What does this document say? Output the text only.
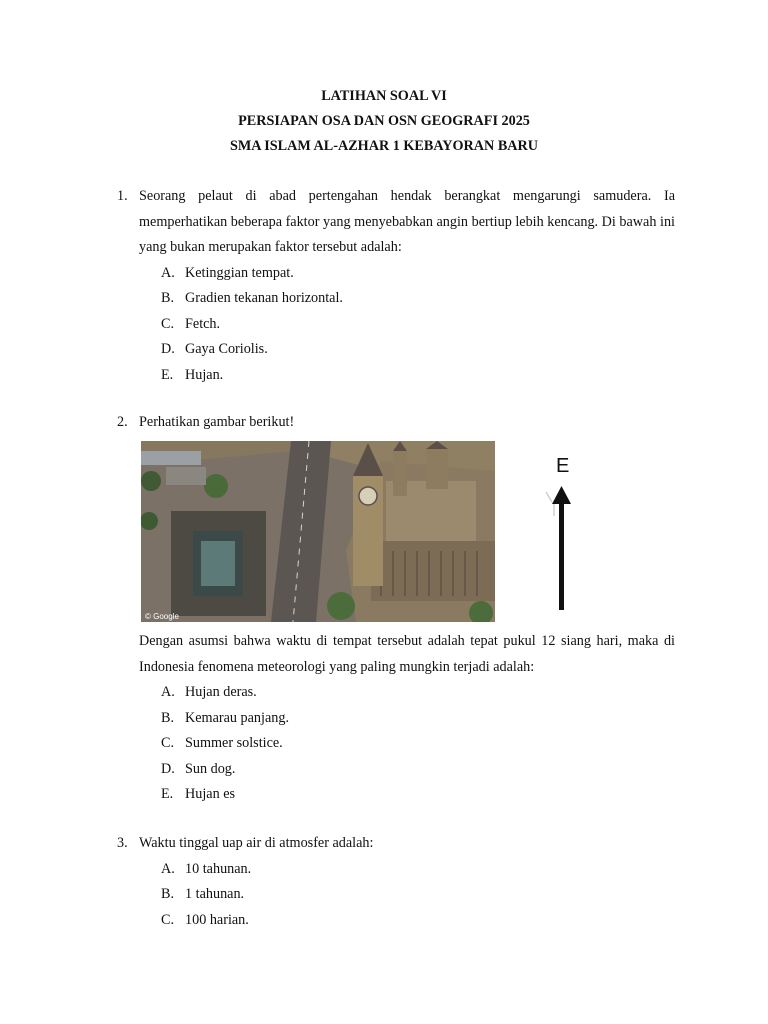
LATIHAN SOAL VI
PERSIAPAN OSA DAN OSN GEOGRAFI 2025
SMA ISLAM AL-AZHAR 1 KEBAYORAN BARU
1. Seorang pelaut di abad pertengahan hendak berangkat mengarungi samudera. Ia memperhatikan beberapa faktor yang menyebabkan angin bertiup lebih kencang. Di bawah ini yang bukan merupakan faktor tersebut adalah:
A. Ketinggian tempat.
B. Gradien tekanan horizontal.
C. Fetch.
D. Gaya Coriolis.
E. Hujan.
2. Perhatikan gambar berikut!
© Google
E
Dengan asumsi bahwa waktu di tempat tersebut adalah tepat pukul 12 siang hari, maka di Indonesia fenomena meteorologi yang paling mungkin terjadi adalah:
A. Hujan deras.
B. Kemarau panjang.
C. Summer solstice.
D. Sun dog.
E. Hujan es
3. Waktu tinggal uap air di atmosfer adalah:
A. 10 tahunan.
B. 1 tahunan.
C. 100 harian.
